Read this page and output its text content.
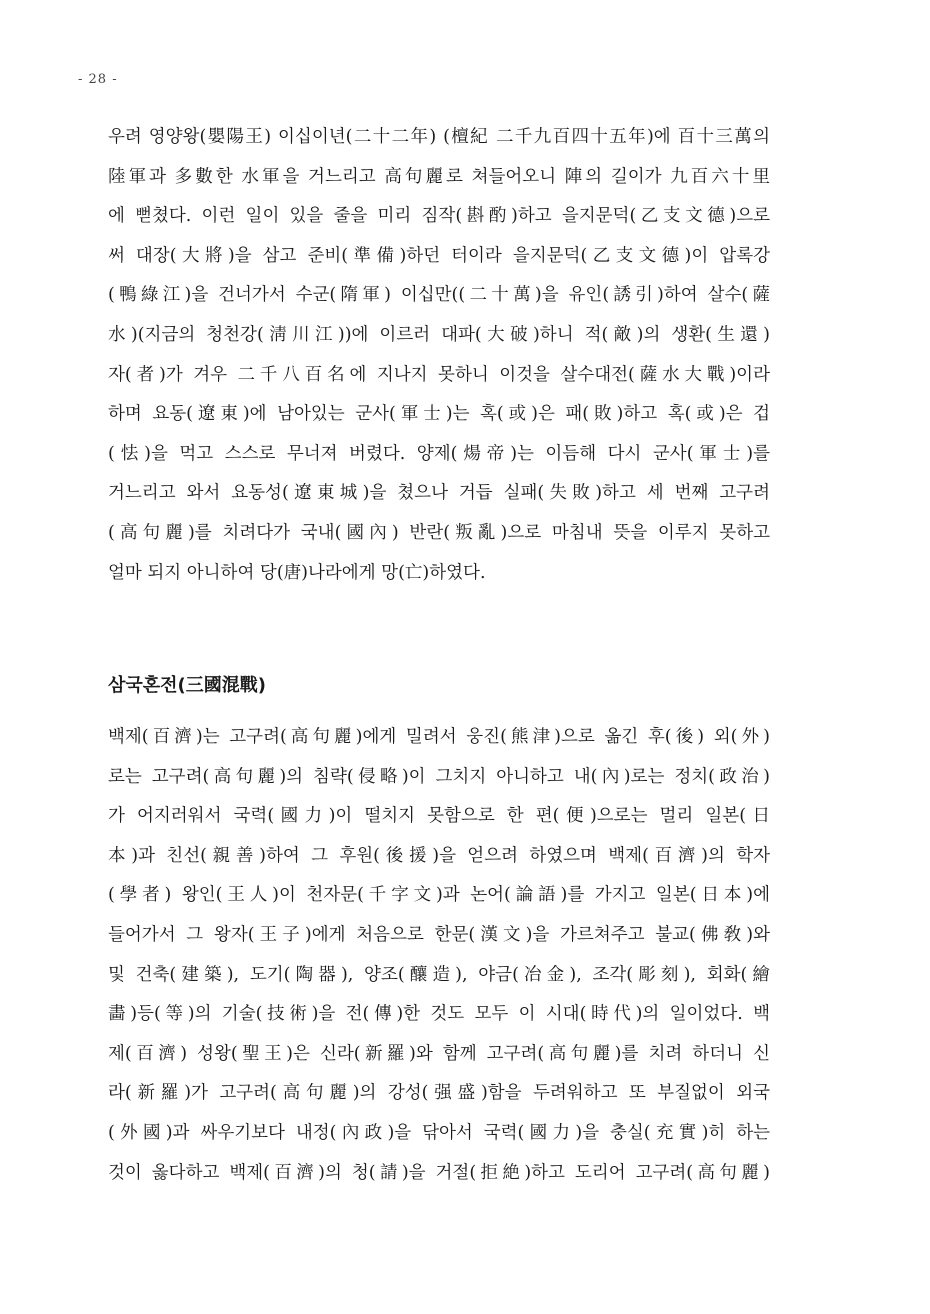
- 28 -
우려 영양왕(嬰陽王) 이십이년(二十二年) (檀紀 二千九百四十五年)에 百十三萬의
陸軍과 多數한 水軍을 거느리고 高句麗로 쳐들어오니 陣의 길이가 九百六十里
에 뻗쳤다. 이런 일이 있을 줄을 미리 짐작(斟酌)하고 을지문덕(乙支文德)으로
써 대장(大將)을 삼고 준비(準備)하던 터이라 을지문덕(乙支文德)이 압록강
(鴨綠江)을 건너가서 수군(隋軍) 이십만((二十萬)을 유인(誘引)하여 살수(薩
水)(지금의 청천강(淸川江))에 이르러 대파(大破)하니 적(敵)의 생환(生還)
자(者)가 겨우 二千八百名에 지나지 못하니 이것을 살수대전(薩水大戰)이라
하며 요동(遼東)에 남아있는 군사(軍士)는 혹(或)은 패(敗)하고 혹(或)은 겁
(怯)을 먹고 스스로 무너져 버렸다. 양제(煬帝)는 이듬해 다시 군사(軍士)를
거느리고 와서 요동성(遼東城)을 쳤으나 거듭 실패(失敗)하고 세 번째 고구려
(高句麗)를 치려다가 국내(國內) 반란(叛亂)으로 마침내 뜻을 이루지 못하고
얼마 되지 아니하여 당(唐)나라에게 망(亡)하였다.
삼국혼전(三國混戰)
백제(百濟)는 고구려(高句麗)에게 밀려서 웅진(熊津)으로 옮긴 후(後) 외(外)
로는 고구려(高句麗)의 침략(侵略)이 그치지 아니하고 내(內)로는 정치(政治)
가 어지러워서 국력(國力)이 떨치지 못함으로 한 편(便)으로는 멀리 일본(日
本)과 친선(親善)하여 그 후원(後援)을 얻으려 하였으며 백제(百濟)의 학자
(學者) 왕인(王人)이 천자문(千字文)과 논어(論語)를 가지고 일본(日本)에
들어가서 그 왕자(王子)에게 처음으로 한문(漢文)을 가르쳐주고 불교(佛敎)와
및 건축(建築), 도기(陶器), 양조(釀造), 야금(冶金), 조각(彫刻), 회화(繪
畵)등(等)의 기술(技術)을 전(傳)한 것도 모두 이 시대(時代)의 일이었다. 백
제(百濟) 성왕(聖王)은 신라(新羅)와 함께 고구려(高句麗)를 치려 하더니 신
라(新羅)가 고구려(高句麗)의 강성(强盛)함을 두려워하고 또 부질없이 외국
(外國)과 싸우기보다 내정(內政)을 닦아서 국력(國力)을 충실(充實)히 하는
것이 옳다하고 백제(百濟)의 청(請)을 거절(拒絶)하고 도리어 고구려(高句麗)
